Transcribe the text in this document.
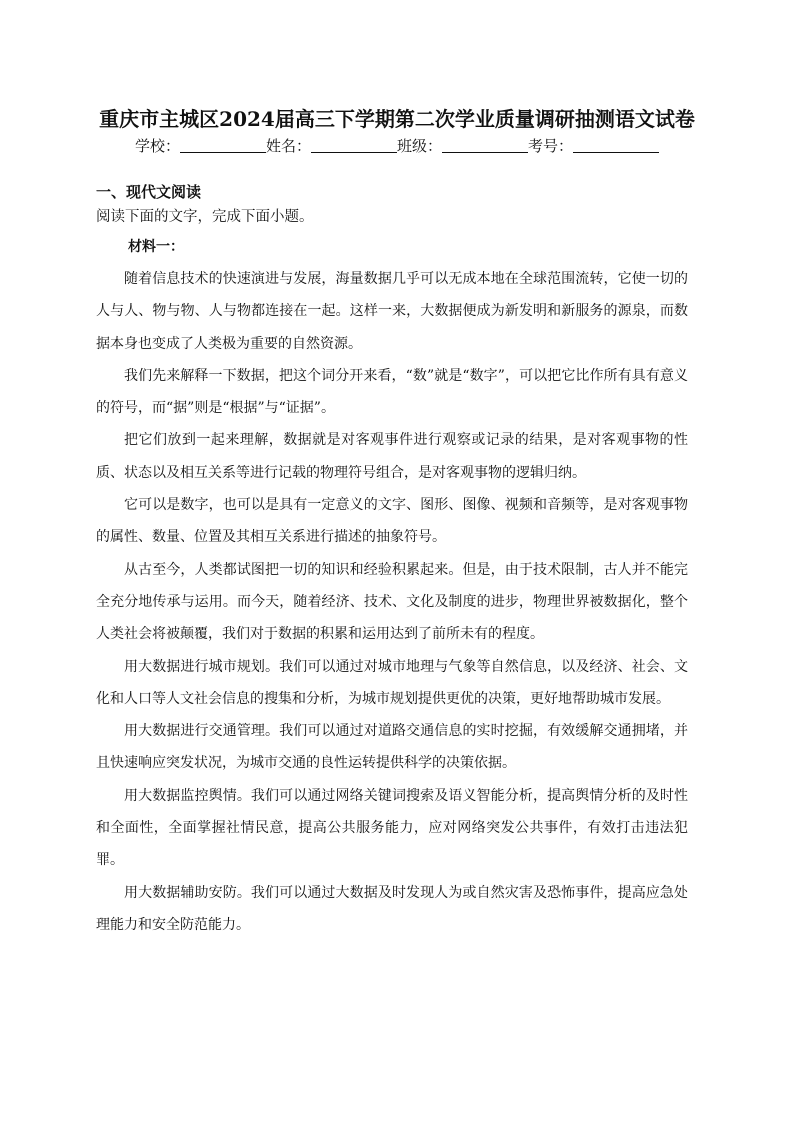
重庆市主城区2024届高三下学期第二次学业质量调研抽测语文试卷
学校：	姓名：	班级：	考号：
一、现代文阅读
阅读下面的文字，完成下面小题。
材料一：

随着信息技术的快速演进与发展，海量数据几乎可以无成本地在全球范围流转，它使一切的人与人、物与物、人与物都连接在一起。这样一来，大数据便成为新发明和新服务的源泉，而数据本身也变成了人类极为重要的自然资源。

我们先来解释一下数据，把这个词分开来看，“数”就是“数字”，可以把它比作所有具有意义的符号，而“据”则是“根据”与“证据”。

把它们放到一起来理解，数据就是对客观事件进行观察或记录的结果，是对客观事物的性质、状态以及相互关系等进行记载的物理符号组合，是对客观事物的逻辑归纳。

它可以是数字，也可以是具有一定意义的文字、图形、图像、视频和音频等，是对客观事物的属性、数量、位置及其相互关系进行描述的抽象符号。

从古至今，人类都试图把一切的知识和经验积累起来。但是，由于技术限制，古人并不能完全充分地传承与运用。而今天，随着经济、技术、文化及制度的进步，物理世界被数据化，整个人类社会将被颠覆，我们对于数据的积累和运用达到了前所未有的程度。

用大数据进行城市规划。我们可以通过对城市地理与气象等自然信息，以及经济、社会、文化和人口等人文社会信息的搜集和分析，为城市规划提供更优的决策，更好地帮助城市发展。

用大数据进行交通管理。我们可以通过对道路交通信息的实时挖掘，有效缓解交通拥堵，并且快速响应突发状况，为城市交通的良性运转提供科学的决策依据。

用大数据监控舆情。我们可以通过网络关键词搜索及语义智能分析，提高舆情分析的及时性和全面性，全面掌握社情民意，提高公共服务能力，应对网络突发公共事件，有效打击违法犯罪。

用大数据辅助安防。我们可以通过大数据及时发现人为或自然灾害及恐怖事件，提高应急处理能力和安全防范能力。
